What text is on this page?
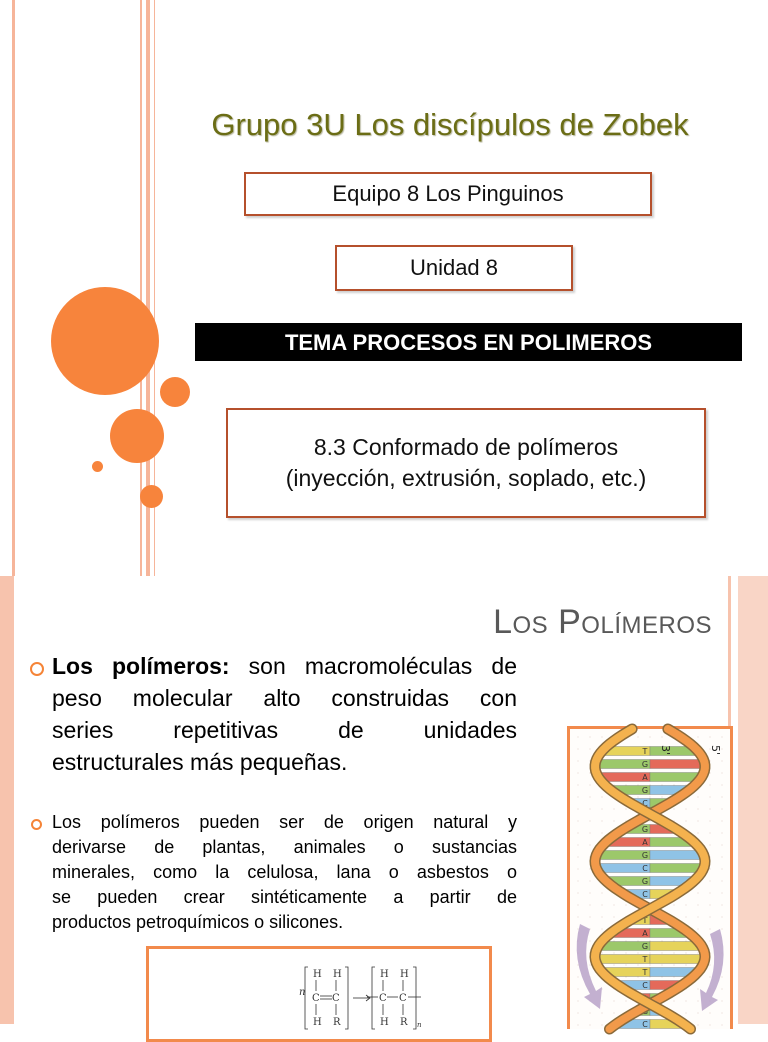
Grupo 3U Los discípulos de Zobek
Equipo 8 Los Pinguinos
Unidad 8
TEMA PROCESOS EN POLIMEROS
8.3 Conformado de polímeros
(inyección, extrusión, soplado, etc.)
Los Polímeros
Los polímeros: son macromoléculas de
peso molecular alto construidas con
series repetitivas de unidades
estructurales más pequeñas.
Los polímeros pueden ser de origen natural y
derivarse de plantas, animales o sustancias
minerales, como la celulosa, lana o asbestos o
se pueden crear sintéticamente a partir de
productos petroquímicos o silicones.
n
H H
C C
H R
H H
C C
H R n
T
G
A
G
C
G
A
G
C
G
C
T
A
G
T
T
C
A
G
C
3'	5'
